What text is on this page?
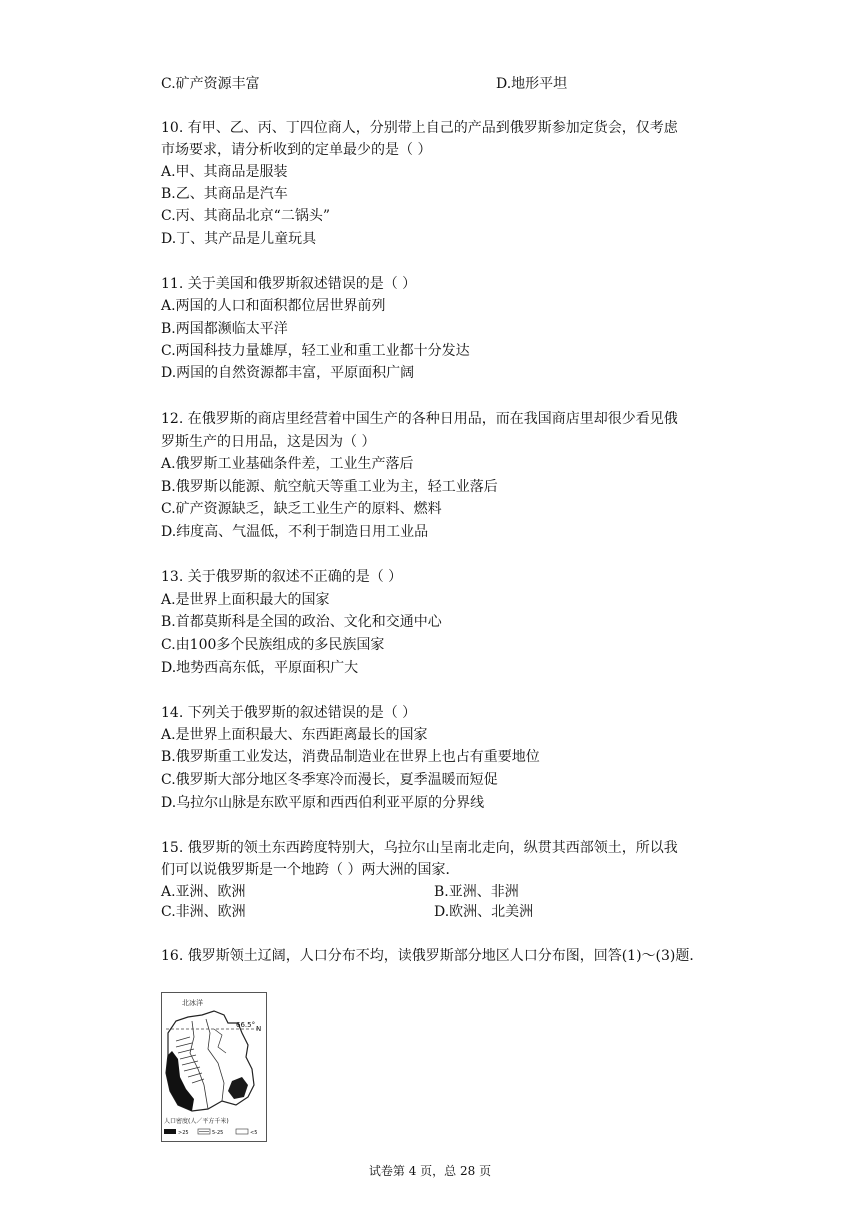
C.矿产资源丰富	D.地形平坦
10. 有甲、乙、丙、丁四位商人，分别带上自己的产品到俄罗斯参加定货会，仅考虑
市场要求，请分析收到的定单最少的是（ ）
A.甲、其商品是服装
B.乙、其商品是汽车
C.丙、其商品北京“二锅头”
D.丁、其产品是儿童玩具
11. 关于美国和俄罗斯叙述错误的是（ ）
A.两国的人口和面积都位居世界前列
B.两国都濒临太平洋
C.两国科技力量雄厚，轻工业和重工业都十分发达
D.两国的自然资源都丰富，平原面积广阔
12. 在俄罗斯的商店里经营着中国生产的各种日用品，而在我国商店里却很少看见俄
罗斯生产的日用品，这是因为（ ）
A.俄罗斯工业基础条件差，工业生产落后
B.俄罗斯以能源、航空航天等重工业为主，轻工业落后
C.矿产资源缺乏，缺乏工业生产的原料、燃料
D.纬度高、气温低，不利于制造日用工业品
13. 关于俄罗斯的叙述不正确的是（ ）
A.是世界上面积最大的国家
B.首都莫斯科是全国的政治、文化和交通中心
C.由100多个民族组成的多民族国家
D.地势西高东低，平原面积广大
14. 下列关于俄罗斯的叙述错误的是（ ）
A.是世界上面积最大、东西距离最长的国家
B.俄罗斯重工业发达，消费品制造业在世界上也占有重要地位
C.俄罗斯大部分地区冬季寒冷而漫长，夏季温暖而短促
D.乌拉尔山脉是东欧平原和西西伯利亚平原的分界线
15. 俄罗斯的领土东西跨度特别大，乌拉尔山呈南北走向，纵贯其西部领土，所以我
们可以说俄罗斯是一个地跨（ ）两大洲的国家．
A.亚洲、欧洲	B.亚洲、非洲
C.非洲、欧洲	D.欧洲、北美洲
16. 俄罗斯领土辽阔，人口分布不均，读俄罗斯部分地区人口分布图，回答(1)～(3)题．
北冰洋
66.5° N
人口密度(人／平方千米)
>25	5-25	<5
试卷第 4 页，总 28 页
